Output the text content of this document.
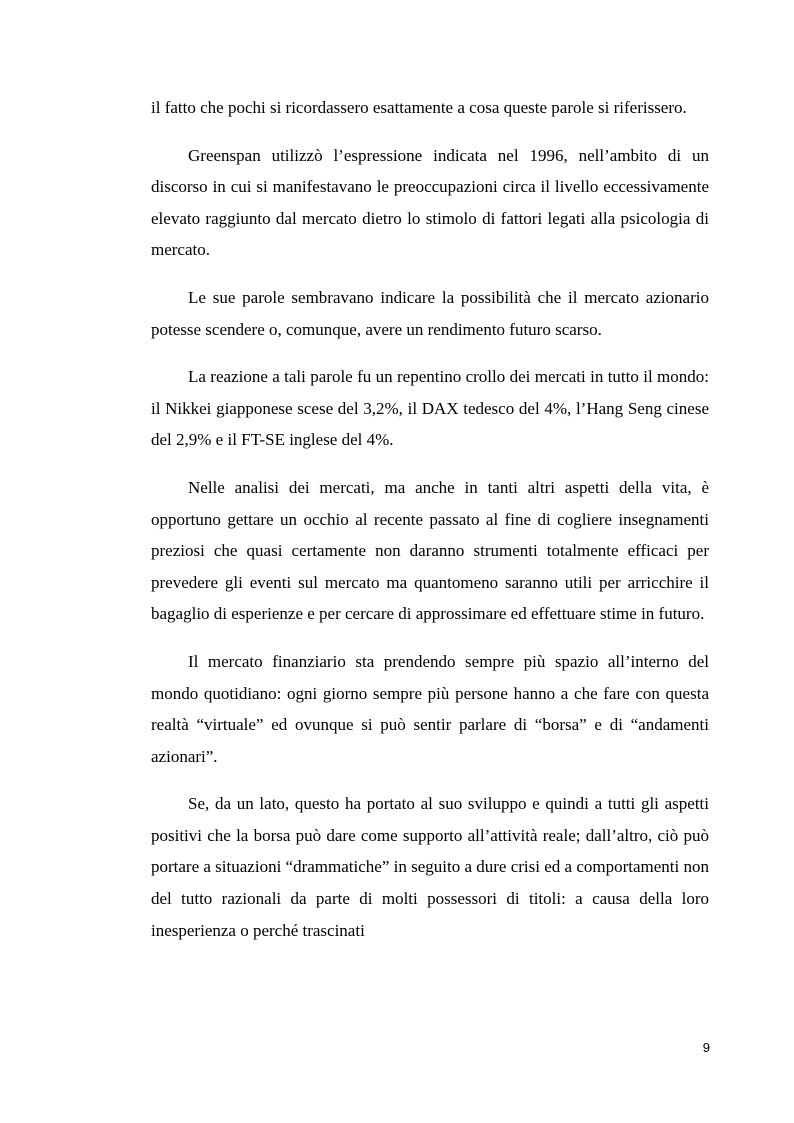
il fatto che pochi si ricordassero esattamente a cosa queste parole si riferissero.

Greenspan utilizzò l’espressione indicata nel 1996, nell’ambito di un discorso in cui si manifestavano le preoccupazioni circa il livello eccessivamente elevato raggiunto dal mercato dietro lo stimolo di fattori legati alla psicologia di mercato.

Le sue parole sembravano indicare la possibilità che il mercato azionario potesse scendere o, comunque, avere un rendimento futuro scarso.

La reazione a tali parole fu un repentino crollo dei mercati in tutto il mondo: il Nikkei giapponese scese del 3,2%, il DAX tedesco del 4%, l’Hang Seng cinese del 2,9% e il FT-SE inglese del 4%.

Nelle analisi dei mercati, ma anche in tanti altri aspetti della vita, è opportuno gettare un occhio al recente passato al fine di cogliere insegnamenti preziosi che quasi certamente non daranno strumenti totalmente efficaci per prevedere gli eventi sul mercato ma quantomeno saranno utili per arricchire il bagaglio di esperienze e per cercare di approssimare ed effettuare stime in futuro.

Il mercato finanziario sta prendendo sempre più spazio all’interno del mondo quotidiano: ogni giorno sempre più persone hanno a che fare con questa realtà “virtuale” ed ovunque si può sentir parlare di “borsa” e di “andamenti azionari”.

Se, da un lato, questo ha portato al suo sviluppo e quindi a tutti gli aspetti positivi che la borsa può dare come supporto all’attività reale; dall’altro, ciò può portare a situazioni “drammatiche” in seguito a dure crisi ed a comportamenti non del tutto razionali da parte di molti possessori di titoli: a causa della loro inesperienza o perché trascinati

9
